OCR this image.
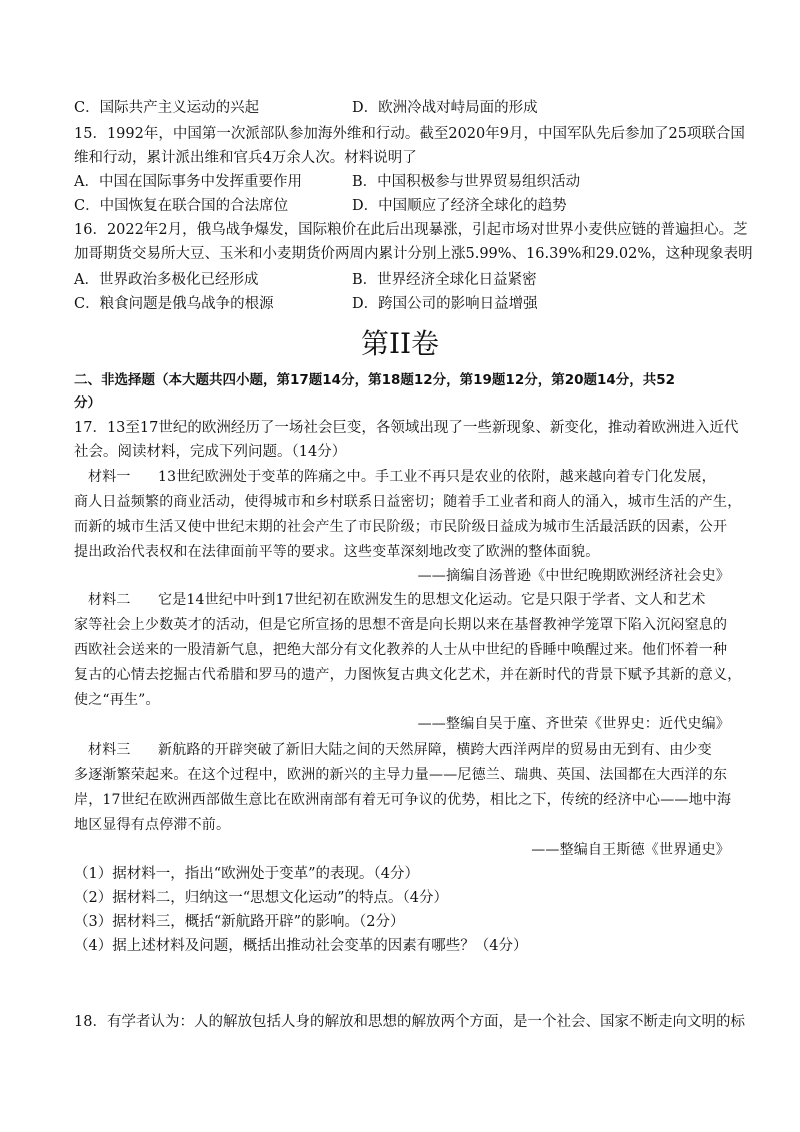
C．国际共产主义运动的兴起	D．欧洲冷战对峙局面的形成
15．1992年，中国第一次派部队参加海外维和行动。截至2020年9月，中国军队先后参加了25项联合国
维和行动，累计派出维和官兵4万余人次。材料说明了
A．中国在国际事务中发挥重要作用	B．中国积极参与世界贸易组织活动
C．中国恢复在联合国的合法席位	D．中国顺应了经济全球化的趋势
16．2022年2月，俄乌战争爆发，国际粮价在此后出现暴涨，引起市场对世界小麦供应链的普遍担心。芝
加哥期货交易所大豆、玉米和小麦期货价两周内累计分别上涨5.99%、16.39%和29.02%，这种现象表明
A．世界政治多极化已经形成	B．世界经济全球化日益紧密
C．粮食问题是俄乌战争的根源	D．跨国公司的影响日益增强
第II卷
二、非选择题（本大题共四小题，第17题14分，第18题12分，第19题12分，第20题14分，共52
分）
17．13至17世纪的欧洲经历了一场社会巨变，各领域出现了一些新现象、新变化，推动着欧洲进入近代
社会。阅读材料，完成下列问题。（14分）
材料一 13世纪欧洲处于变革的阵痛之中。手工业不再只是农业的依附，越来越向着专门化发展，
商人日益频繁的商业活动，使得城市和乡村联系日益密切；随着手工业者和商人的涌入，城市生活的产生，
而新的城市生活又使中世纪末期的社会产生了市民阶级；市民阶级日益成为城市生活最活跃的因素，公开
提出政治代表权和在法律面前平等的要求。这些变革深刻地改变了欧洲的整体面貌。
——摘编自汤普逊《中世纪晚期欧洲经济社会史》
材料二 它是14世纪中叶到17世纪初在欧洲发生的思想文化运动。它是只限于学者、文人和艺术
家等社会上少数英才的活动，但是它所宣扬的思想不啻是向长期以来在基督教神学笼罩下陷入沉闷窒息的
西欧社会送来的一股清新气息，把绝大部分有文化教养的人士从中世纪的昏睡中唤醒过来。他们怀着一种
复古的心情去挖掘古代希腊和罗马的遗产，力图恢复古典文化艺术，并在新时代的背景下赋予其新的意义，
使之“再生”。
——整编自吴于廑、齐世荣《世界史：近代史编》
材料三 新航路的开辟突破了新旧大陆之间的天然屏障，横跨大西洋两岸的贸易由无到有、由少变
多逐渐繁荣起来。在这个过程中，欧洲的新兴的主导力量——尼德兰、瑞典、英国、法国都在大西洋的东
岸，17世纪在欧洲西部做生意比在欧洲南部有着无可争议的优势，相比之下，传统的经济中心——地中海
地区显得有点停滞不前。
——整编自王斯德《世界通史》
（1）据材料一，指出“欧洲处于变革”的表现。（4分）
（2）据材料二，归纳这一“思想文化运动”的特点。（4分）
（3）据材料三，概括“新航路开辟”的影响。（2分）
（4）据上述材料及问题，概括出推动社会变革的因素有哪些？（4分）
18．有学者认为：人的解放包括人身的解放和思想的解放两个方面，是一个社会、国家不断走向文明的标
